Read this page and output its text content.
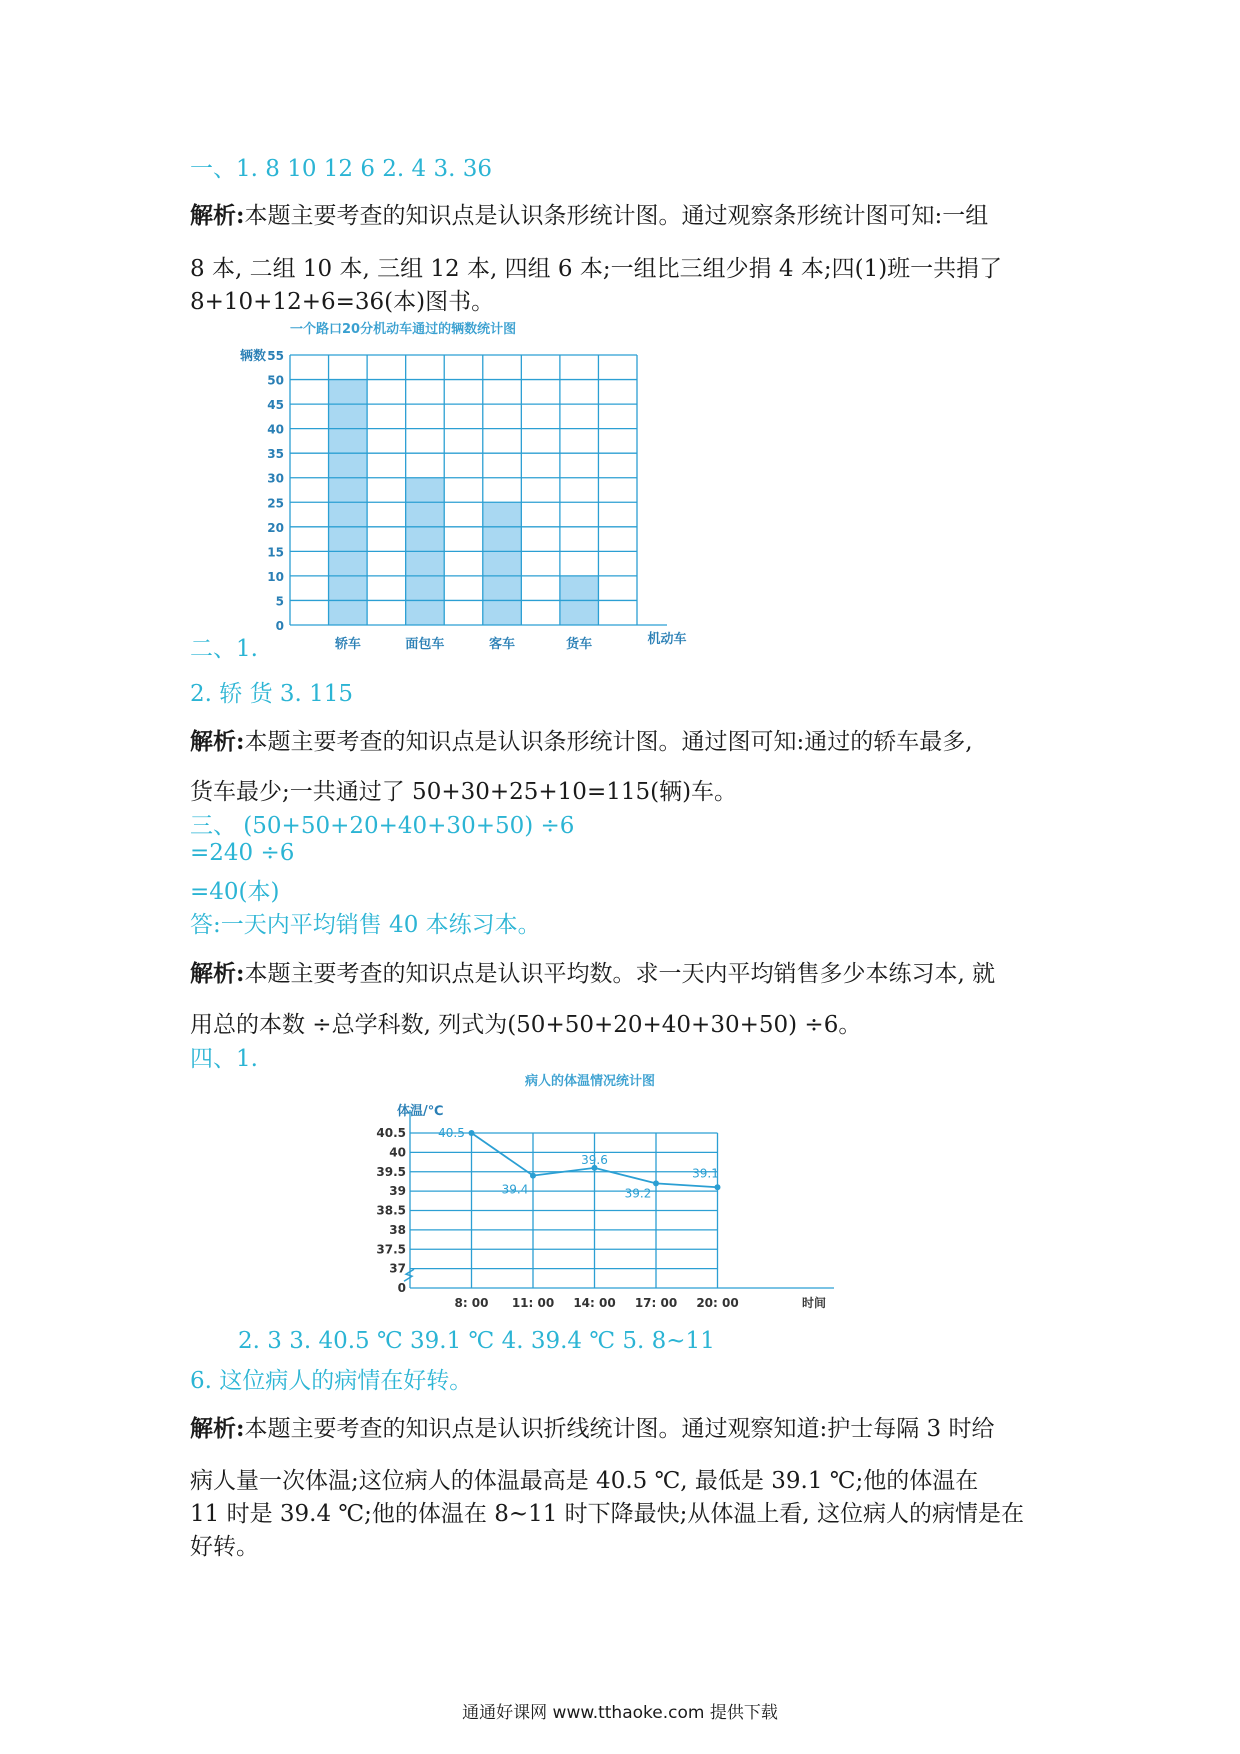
一、1. 8 10 12 6 2. 4 3. 36
解析:本题主要考查的知识点是认识条形统计图。通过观察条形统计图可知:一组
8 本, 二组 10 本, 三组 12 本, 四组 6 本;一组比三组少捐 4 本;四(1)班一共捐了
8+10+12+6=36(本)图书。
一个路口20分机动车通过的辆数统计图
辆数 55
50
45
40
35
30
25
20
15
10
5
0
轿车	面包车	客车	货车	机动车
二、1.
2. 轿 货 3. 115
解析:本题主要考查的知识点是认识条形统计图。通过图可知:通过的轿车最多,
货车最少;一共通过了 50+30+25+10=115(辆)车。
三、 (50+50+20+40+30+50) ÷6
=240 ÷6
=40(本)
答:一天内平均销售 40 本练习本。
解析:本题主要考查的知识点是认识平均数。求一天内平均销售多少本练习本, 就
用总的本数 ÷总学科数, 列式为(50+50+20+40+30+50) ÷6。
四、1.
病人的体温情况统计图
体温/℃
40.5
40
39.5
39
38.5
38
37.5
37
0
8: 00 11: 00 14: 00 17: 00 20: 00	时间
40.5
39.4
39.6
39.2
39.1
2. 3 3. 40.5 ℃ 39.1 ℃ 4. 39.4 ℃ 5. 8~11
6. 这位病人的病情在好转。
解析:本题主要考查的知识点是认识折线统计图。通过观察知道:护士每隔 3 时给
病人量一次体温;这位病人的体温最高是 40.5 ℃, 最低是 39.1 ℃;他的体温在
11 时是 39.4 ℃;他的体温在 8~11 时下降最快;从体温上看, 这位病人的病情是在
好转。
通通好课网 www.tthaoke.com 提供下载
